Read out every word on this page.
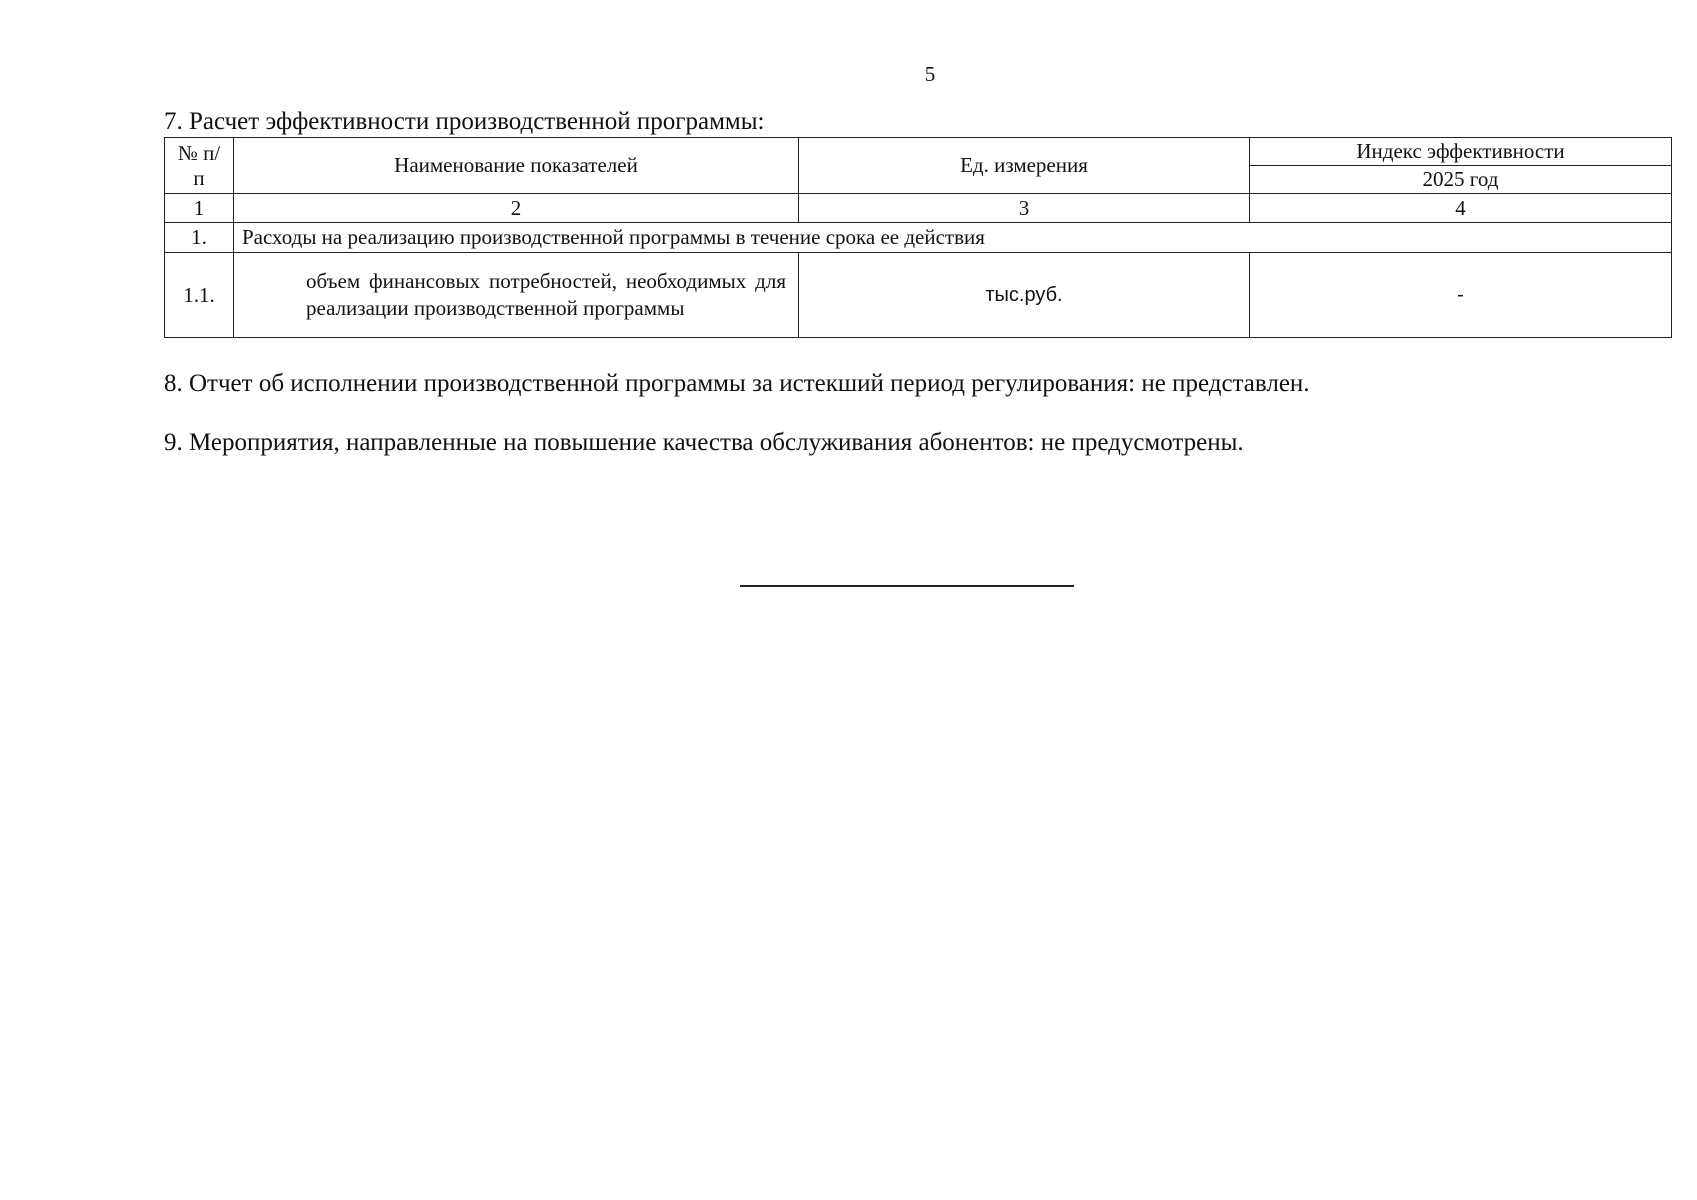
5
7. Расчет эффективности производственной программы:
№ п/п	Наименование показателей	Ед. измерения	Индекс эффективности
			2025 год
1	2	3	4
1.	Расходы на реализацию производственной программы в течение срока ее действия		
1.1.	объем финансовых потребностей, необходимых для реализации производственной программы	тыс.руб.	-
8. Отчет об исполнении производственной программы за истекший период регулирования: не представлен.
9. Мероприятия, направленные на повышение качества обслуживания абонентов: не предусмотрены.
